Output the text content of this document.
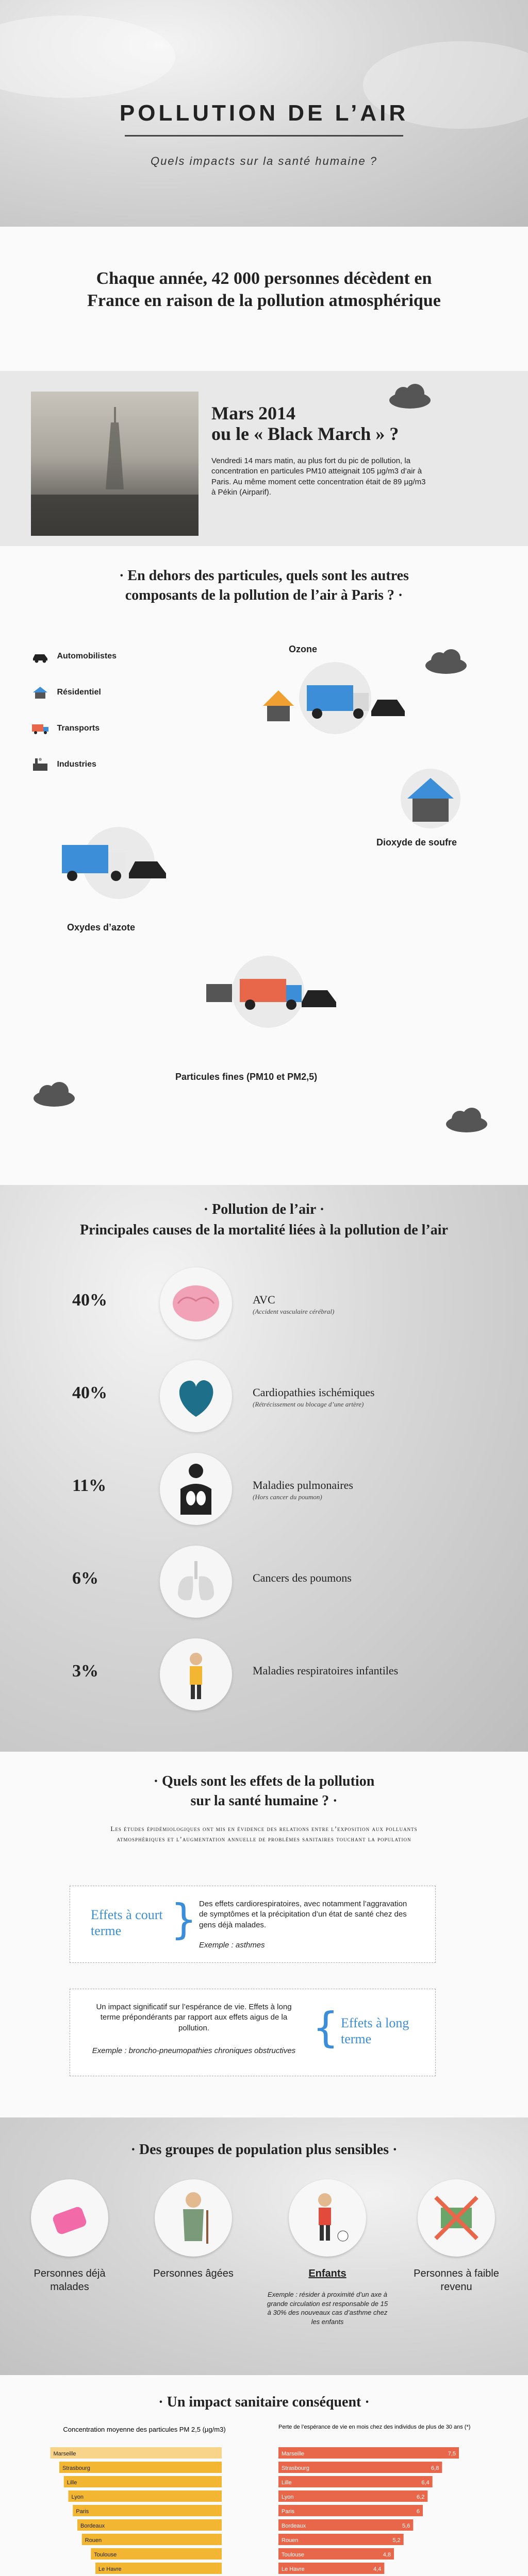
POLLUTION DE L’AIR
Quels impacts sur la santé humaine ?
Chaque année, 42 000 personnes décèdent en France en raison de la pollution atmosphérique
Mars 2014
ou le « Black March » ?
Vendredi 14 mars matin, au plus fort du pic de pollution, la concentration en particules PM10 atteignait 105 µg/m3 d’air à Paris. Au même moment cette concentration était de 89 µg/m3 à Pékin (Airparif).
· En dehors des particules, quels sont les autres
composants de la pollution de l’air à Paris ? ·
Automobilistes
Résidentiel
Transports
Industries
Ozone
Dioxyde de soufre
Oxydes d’azote
Particules fines (PM10 et PM2,5)
· Pollution de l’air ·
Principales causes de la mortalité liées à la pollution de l’air
40%	AVC
(Accident vasculaire cérébral)
40%	Cardiopathies ischémiques
(Rétrécissement ou blocage d’une artère)
11%	Maladies pulmonaires
(Hors cancer du poumon)
6%	Cancers des poumons
3%	Maladies respiratoires infantiles
· Quels sont les effets de la pollution
sur la santé humaine ? ·
Les études épidémiologiques ont mis en évidence des relations entre l’exposition aux polluants atmosphériques et l’augmentation annuelle de problèmes sanitaires touchant la population
Effets à court terme	} Des effets cardiorespiratoires, avec notamment l’aggravation de symptômes et la précipitation d’un état de santé chez des gens déjà malades.
Exemple : asthmes
Un impact significatif sur l’espérance de vie. Effets à long terme prépondérants par rapport aux effets aigus de la pollution.
Exemple : broncho-pneumopathies chroniques obstructives { Effets à long terme
· Des groupes de population plus sensibles ·
Personnes déjà malades
Personnes âgées	Enfants
Exemple : résider à proximité d’un axe à grande circulation est responsable de 15 à 30% des nouveaux cas d’asthme chez les enfants
Personnes à faible revenu
· Un impact sanitaire conséquent ·
Concentration moyenne des particules PM 2,5 (µg/m3)
Marseille
Strasbourg
Lille
Lyon
Paris
Bordeaux
Rouen
Toulouse
Le Havre
Perte de l’espérance de vie en mois chez des individus de plus de 30 ans (*)
Marseille	7,5
Strasbourg	6,8
Lille	6,4
Lyon	6,2
Paris	6
Bordeaux	5,6
Rouen	5,2
Toulouse	4,8
Le Havre	4,4
